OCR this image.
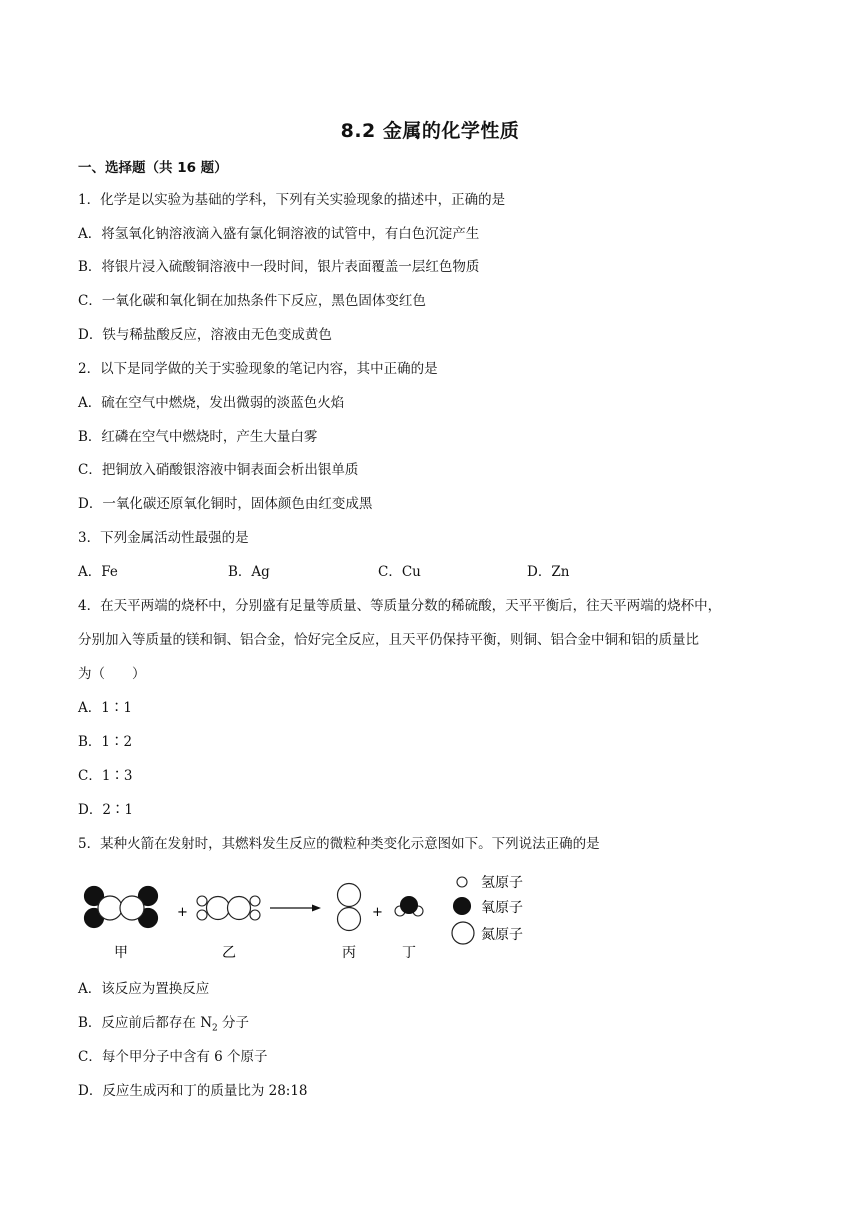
8.2 金属的化学性质
一、选择题（共 16 题）
1．化学是以实验为基础的学科，下列有关实验现象的描述中，正确的是
A．将氢氧化钠溶液滴入盛有氯化铜溶液的试管中，有白色沉淀产生
B．将银片浸入硫酸铜溶液中一段时间，银片表面覆盖一层红色物质
C．一氧化碳和氧化铜在加热条件下反应，黑色固体变红色
D．铁与稀盐酸反应，溶液由无色变成黄色
2．以下是同学做的关于实验现象的笔记内容，其中正确的是
A．硫在空气中燃烧，发出微弱的淡蓝色火焰
B．红磷在空气中燃烧时，产生大量白雾
C．把铜放入硝酸银溶液中铜表面会析出银单质
D．一氧化碳还原氧化铜时，固体颜色由红变成黑
3．下列金属活动性最强的是
A．Fe	B．Ag	C．Cu	D．Zn
4．在天平两端的烧杯中，分别盛有足量等质量、等质量分数的稀硫酸，天平平衡后，往天平两端的烧杯中，
分别加入等质量的镁和铜、铝合金，恰好完全反应，且天平仍保持平衡，则铜、铝合金中铜和铝的质量比
为（　　）
A．1∶1
B．1∶2
C．1∶3
D．2∶1
5．某种火箭在发射时，其燃料发生反应的微粒种类变化示意图如下。下列说法正确的是
+	+
甲	乙	丙	丁
氢原子
氧原子
氮原子
A．该反应为置换反应
B．反应前后都存在 $N_2$ 分子
C．每个甲分子中含有 6 个原子
D．反应生成丙和丁的质量比为 28:18
